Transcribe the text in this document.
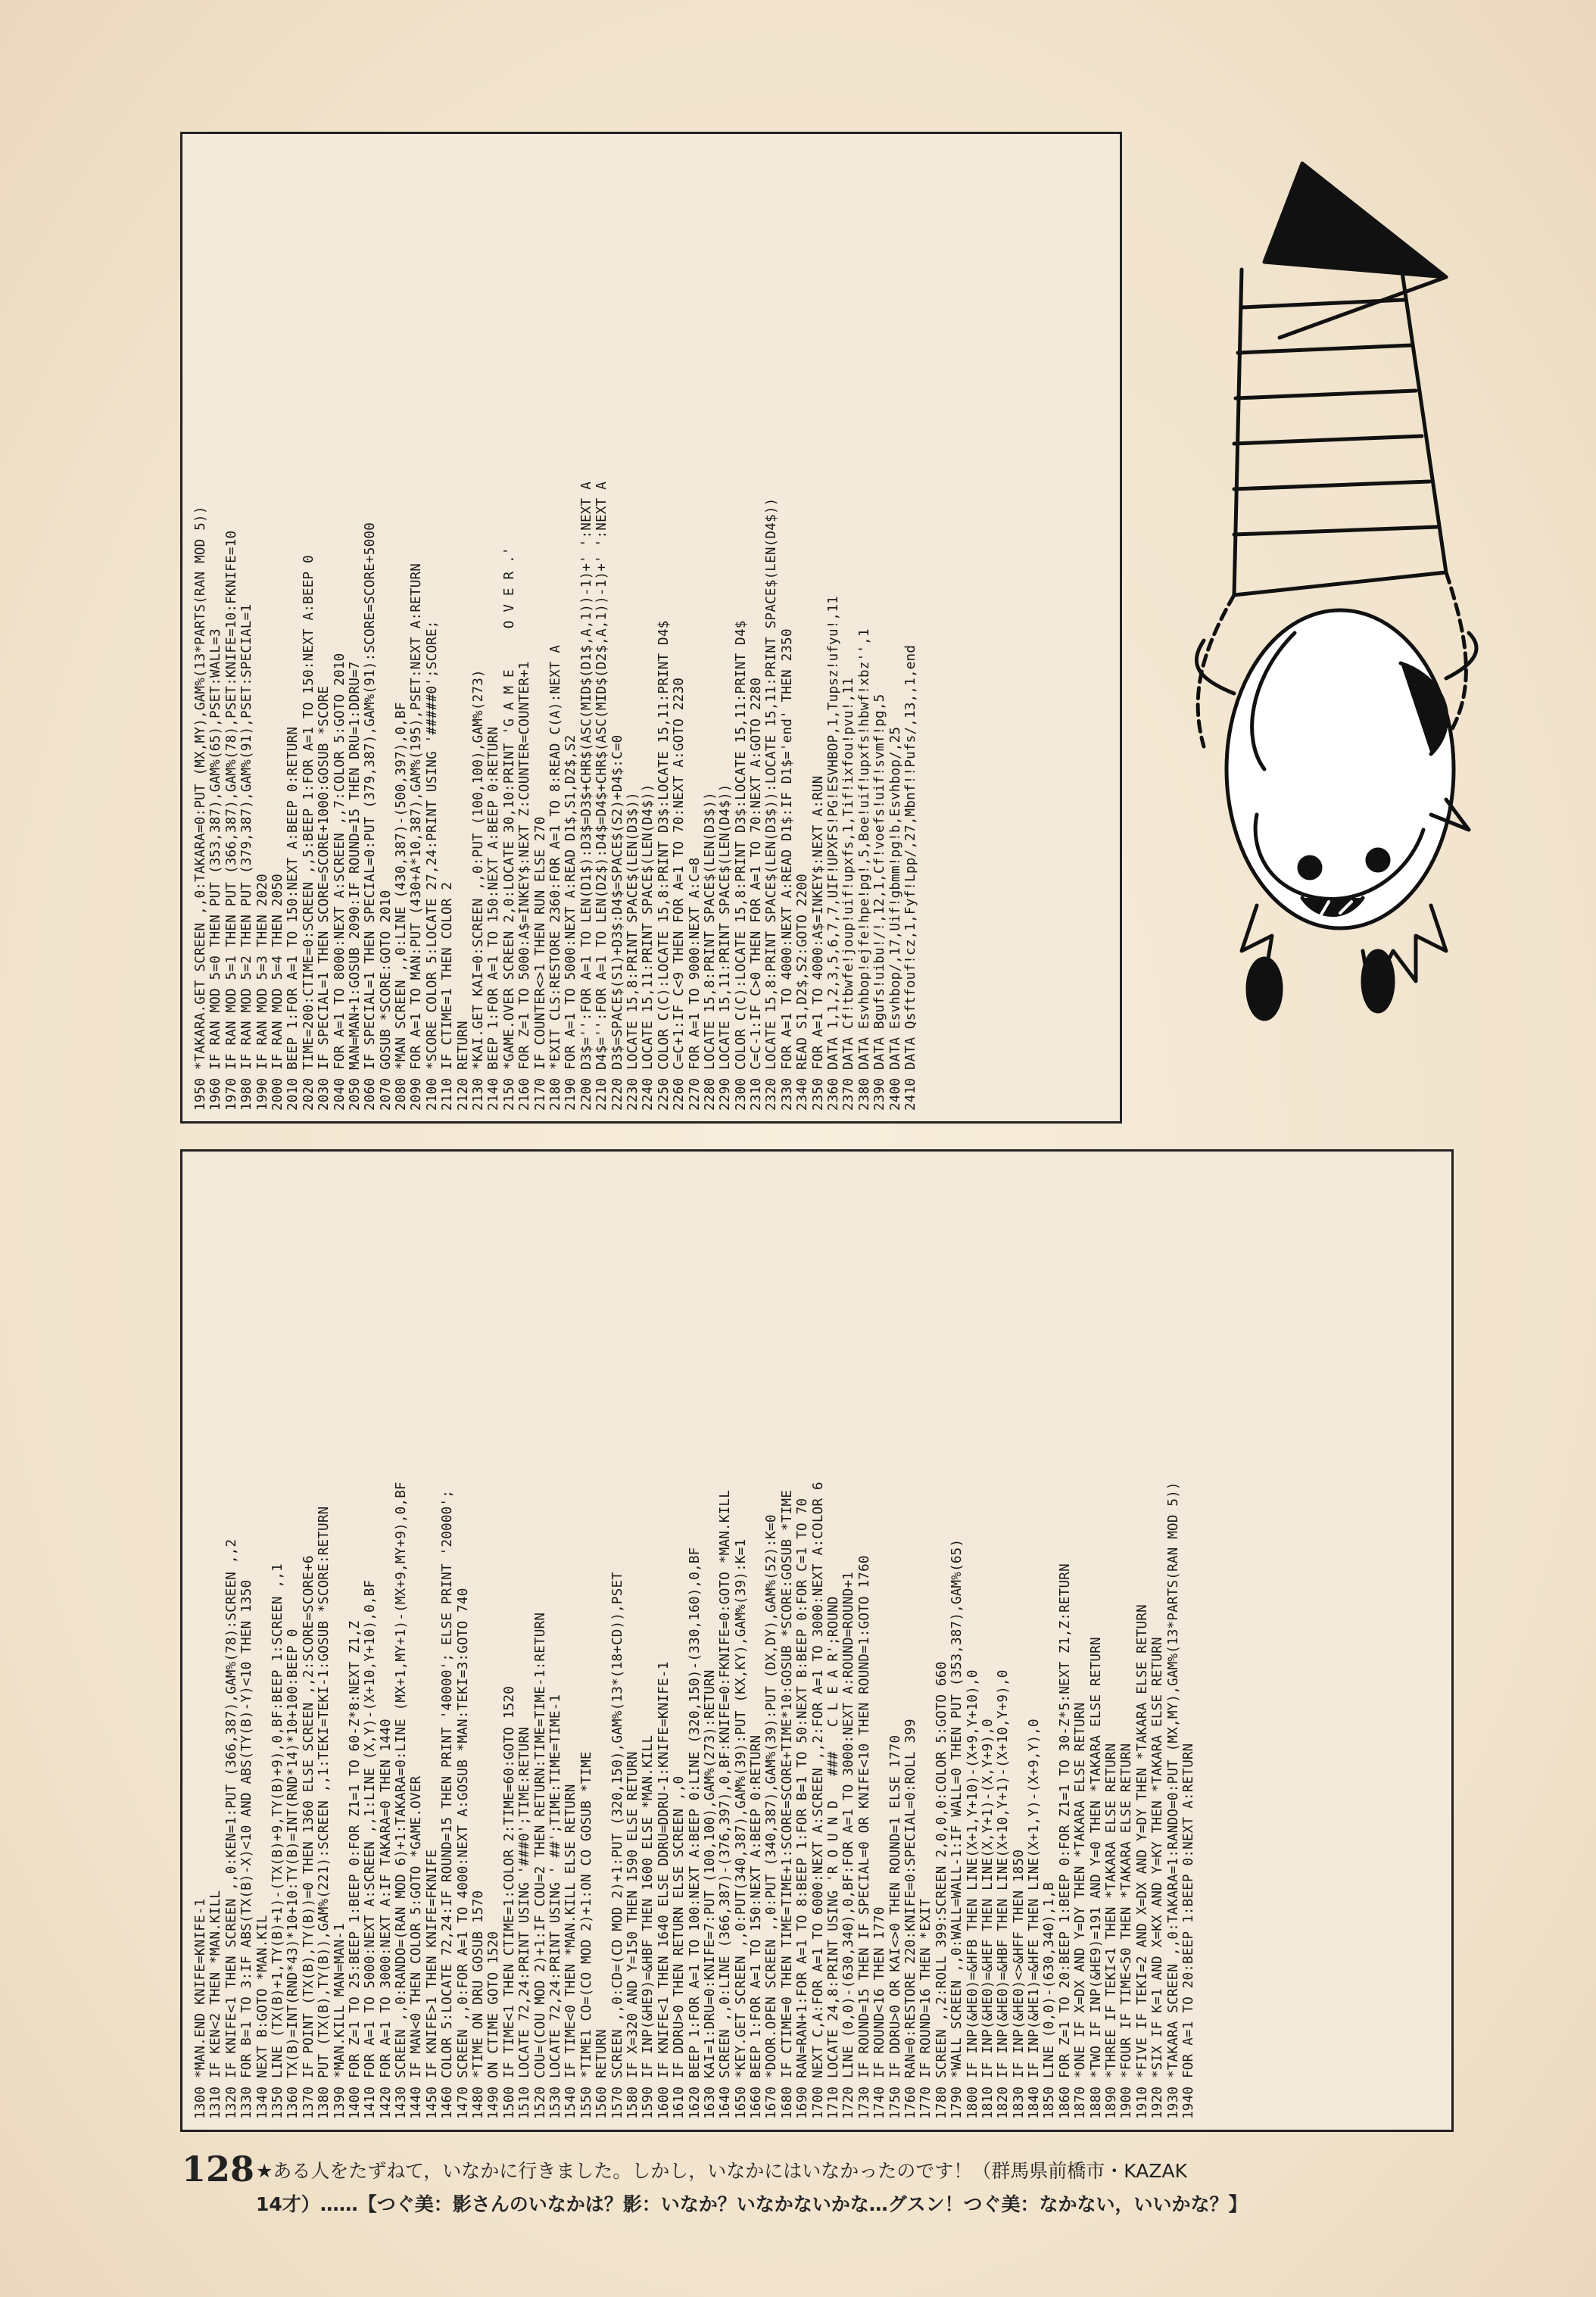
1950 *TAKARA.GET SCREEN ,,0:TAKARA=0:PUT (MX,MY),GAM%(13*PARTS(RAN MOD 5)) 1960 IF RAN MOD 5=0 THEN PUT (353,387),GAM%(65),PSET:WALL=3 1970 IF RAN MOD 5=1 THEN PUT (366,387),GAM%(78),PSET:KNIFE=10:FKNIFE=10 1980 IF RAN MOD 5=2 THEN PUT (379,387),GAM%(91),PSET:SPECIAL=1 1990 IF RAN MOD 5=3 THEN 2020 2000 IF RAN MOD 5=4 THEN 2050 2010 BEEP 1:FOR A=1 TO 150:NEXT A:BEEP 0:RETURN 2020 TIME=200:CTIME=0:SCREEN ,,5:BEEP 1:FOR A=1 TO 150:NEXT A:BEEP 0 2030 IF SPECIAL=1 THEN SCORE=SCORE+1000:GOSUB *SCORE 2040 FOR A=1 TO 8000:NEXT A:SCREEN ,,7:COLOR 5:GOTO 2010 2050 MAN=MAN+1:GOSUB 2090:IF ROUND=15 THEN DRU=1:DDRU=7 2060 IF SPECIAL=1 THEN SPECIAL=0:PUT (379,387),GAM%(91):SCORE=SCORE+5000 2070 GOSUB *SCORE:GOTO 2010 2080 *MAN SCREEN ,,0:LINE (430,387)-(500,397),0,BF 2090 FOR A=1 TO MAN:PUT (430+A*10,387),GAM%(195),PSET:NEXT A:RETURN 2100 *SCORE COLOR 5:LOCATE 27,24:PRINT USING '#####0';SCORE; 2110 IF CTIME=1 THEN COLOR 2 2120 RETURN 2130 *KAI.GET KAI=0:SCREEN ,,0:PUT (100,100),GAM%(273) 2140 BEEP 1:FOR A=1 TO 150:NEXT A:BEEP 0:RETURN 2150 *GAME.OVER SCREEN 2,0:LOCATE 30,10:PRINT 'G A M E     O V E R .' 2160 FOR Z=1 TO 5000:A$=INKEY$:NEXT Z:COUNTER=COUNTER+1 2170 IF COUNTER<>1 THEN RUN ELSE 270 2180 *EXIT CLS:RESTORE 2360:FOR A=1 TO 8:READ C(A):NEXT A 2190 FOR A=1 TO 5000:NEXT A:READ D1$,S1,D2$,S2 2200 D3$='':FOR A=1 TO LEN(D1$):D3$=D3$+CHR$(ASC(MID$(D1$,A,1))-1)+' ':NEXT A 2210 D4$='':FOR A=1 TO LEN(D2$):D4$=D4$+CHR$(ASC(MID$(D2$,A,1))-1)+' ':NEXT A 2220 D3$=SPACE$(S1)+D3$:D4$=SPACE$(S2)+D4$:C=0 2230 LOCATE 15,8:PRINT SPACE$(LEN(D3$)) 2240 LOCATE 15,11:PRINT SPACE$(LEN(D4$)) 2250 COLOR C(C):LOCATE 15,8:PRINT D3$:LOCATE 15,11:PRINT D4$ 2260 C=C+1:IF C<9 THEN FOR A=1 TO 70:NEXT A:GOTO 2230 2270 FOR A=1 TO 9000:NEXT A:C=8 2280 LOCATE 15,8:PRINT SPACE$(LEN(D3$)) 2290 LOCATE 15,11:PRINT SPACE$(LEN(D4$)) 2300 COLOR C(C):LOCATE 15,8:PRINT D3$:LOCATE 15,11:PRINT D4$ 2310 C=C-1:IF C>0 THEN FOR A=1 TO 70:NEXT A:GOTO 2280 2320 LOCATE 15,8:PRINT SPACE$(LEN(D3$)):LOCATE 15,11:PRINT SPACE$(LEN(D4$)) 2330 FOR A=1 TO 4000:NEXT A:READ D1$:IF D1$='end' THEN 2350 2340 READ S1,D2$,S2:GOTO 2200 2350 FOR A=1 TO 4000:A$=INKEY$:NEXT A:RUN 2360 DATA 1,1,2,3,5,6,7,7,UIF!UPXFS!PG!ESVHBOP,1,Tupsz!ufyu!,11 2370 DATA Cf!tbwfe!joup!uif!upxfs,1,Tif!ixfou!pvu!,11 2380 DATA Esvhbop!ejfe!hpe!pg!,5,Boe!uif!upxfs!hbwf!xbz'',1 2390 DATA Bgufs!uibu!/!,12,1,Cf!voefs!uif!svmf!pg,5 2400 DATA Esvhbop/,17,Uif!gbmm!pg!b,Esvhbop/,25 2410 DATA Qsftfouf!cz,1,Fyf!Lpp/,27,Mbnf!!Pufs/,13,,1,end
1300 *MAN.END KNIFE=KNIFE-1 1310 IF KEN<2 THEN *MAN.KILL 1320 IF KNIFE<1 THEN SCREEN ,,0:KEN=1:PUT (366,387),GAM%(78):SCREEN ,,2 1330 FOR B=1 TO 3:IF ABS(TX(B)-X)<10 AND ABS(TY(B)-Y)<10 THEN 1350 1340 NEXT B:GOTO *MAN.KIL 1350 LINE (TX(B)+1,TY(B)+1)-(TX(B)+9,TY(B)+9),0,BF:BEEP 1:SCREEN ,,1 1360 TX(B)=INT(RND*43)*10+10:TY(B)=INT(RND*14)*10+100:BEEP 0 1370 IF POINT (TX(B),TY(B))=0 THEN 1360 ELSE SCREEN ,,2:SCORE=SCORE+6 1380 PUT (TX(B),TY(B)),GAM%(221):SCREEN ,,1:TEKI=TEKI-1:GOSUB *SCORE:RETURN 1390 *MAN.KILL MAN=MAN-1 1400 FOR Z=1 TO 25:BEEP 1:BEEP 0:FOR Z1=1 TO 60-Z*8:NEXT Z1,Z 1410 FOR A=1 TO 5000:NEXT A:SCREEN ,,1:LINE (X,Y)-(X+10,Y+10),0,BF 1420 FOR A=1 TO 3000:NEXT A:IF TAKARA=0 THEN 1440 1430 SCREEN ,,0:RANDO=(RAN MOD 6)+1:TAKARA=0:LINE (MX+1,MY+1)-(MX+9,MY+9),0,BF 1440 IF MAN<0 THEN COLOR 5:GOTO *GAME.OVER 1450 IF KNIFE>1 THEN KNIFE=FKNIFE 1460 COLOR 5:LOCATE 72,24:IF ROUND=15 THEN PRINT '40000'; ELSE PRINT '20000'; 1470 SCREEN ,,0:FOR A=1 TO 4000:NEXT A:GOSUB *MAN:TEKI=3:GOTO 740 1480 *TIME ON DRU GOSUB 1570 1490 ON CTIME GOTO 1520 1500 IF TIME<1 THEN CTIME=1:COLOR 2:TIME=60:GOTO 1520 1510 LOCATE 72,24:PRINT USING '###0';TIME:RETURN 1520 COU=(COU MOD 2)+1:IF COU=2 THEN RETURN:TIME=TIME-1:RETURN 1530 LOCATE 72,24:PRINT USING ' ##';TIME:TIME=TIME-1 1540 IF TIME<0 THEN *MAN.KILL ELSE RETURN 1550 *TIME1 CO=(CO MOD 2)+1:ON CO GOSUB *TIME 1560 RETURN 1570 SCREEN ,,0:CD=(CD MOD 2)+1:PUT (320,150),GAM%(13*(18+CD)),PSET 1580 IF X=320 AND Y=150 THEN 1590 ELSE RETURN 1590 IF INP(&HE9)=&HBF THEN 1600 ELSE *MAN.KILL 1600 IF KNIFE<1 THEN 1640 ELSE DDRU=DDRU-1:KNIFE=KNIFE-1 1610 IF DDRU>0 THEN RETURN ELSE SCREEN ,,0 1620 BEEP 1:FOR A=1 TO 100:NEXT A:BEEP 0:LINE (320,150)-(330,160),0,BF 1630 KAI=1:DRU=0:KNIFE=7:PUT (100,100),GAM%(273):RETURN 1640 SCREEN ,,0:LINE (366,387)-(376,397),0,BF:KNIFE=0:FKNIFE=0:GOTO *MAN.KILL 1650 *KEY.GET SCREEN ,,0:PUT(340,387),GAM%(39):PUT (KX,KY),GAM%(39):K=1 1660 BEEP 1:FOR A=1 TO 150:NEXT A:BEEP 0:RETURN 1670 *DOOR.OPEN SCREEN ,,0:PUT (340,387),GAM%(39):PUT (DX,DY),GAM%(52):K=0 1680 IF CTIME=0 THEN TIME=TIME+1:SCORE=SCORE+TIME*10:GOSUB *SCORE:GOSUB *TIME 1690 RAN=RAN+1:FOR A=1 TO 8:BEEP 1:FOR B=1 TO 50:NEXT B:BEEP 0:FOR C=1 TO 70 1700 NEXT C,A:FOR A=1 TO 6000:NEXT A:SCREEN ,,2:FOR A=1 TO 3000:NEXT A:COLOR 6 1710 LOCATE 24,8:PRINT USING 'R O U N D   ###   C L E A R';ROUND 1720 LINE (0,0)-(630,340),0,BF:FOR A=1 TO 3000:NEXT A:ROUND=ROUND+1 1730 IF ROUND=15 THEN IF SPECIAL=0 OR KNIFE<10 THEN ROUND=1:GOTO 1760 1740 IF ROUND<16 THEN 1770 1750 IF DDRU>0 OR KAI<>0 THEN ROUND=1 ELSE 1770 1760 RAN=0:RESTORE 220:KNIFE=0:SPECIAL=0:ROLL 399 1770 IF ROUND=16 THEN *EXIT 1780 SCREEN ,,2:ROLL 399:SCREEN 2,0,0,0:COLOR 5:GOTO 660 1790 *WALL SCREEN ,,0:WALL=WALL-1:IF WALL=0 THEN PUT (353,387),GAM%(65) 1800 IF INP(&HE0)=&HFB THEN LINE(X+1,Y+10)-(X+9,Y+10),0 1810 IF INP(&HE0)=&HEF THEN LINE(X,Y+1)-(X,Y+9),0 1820 IF INP(&HE0)=&HBF THEN LINE(X+10,Y+1)-(X+10,Y+9),0 1830 IF INP(&HE0)<>&HFF THEN 1850 1840 IF INP(&HE1)=&HFE THEN LINE(X+1,Y)-(X+9,Y),0 1850 LINE (0,0)-(630,340),1,B 1860 FOR Z=1 TO 20:BEEP 1:BEEP 0:FOR Z1=1 TO 30-Z*5:NEXT Z1,Z:RETURN 1870 *ONE IF X=DX AND Y=DY THEN *TAKARA ELSE RETURN 1880 *TWO IF INP(&HE9)=191 AND Y=0 THEN *TAKARA ELSE RETURN 1890 *THREE IF TEKI<1 THEN *TAKARA ELSE RETURN 1900 *FOUR IF TIME<50 THEN *TAKARA ELSE RETURN 1910 *FIVE IF TEKI=2 AND X=DX AND Y=DY THEN *TAKARA ELSE RETURN 1920 *SIX IF K=1 AND X=KX AND Y=KY THEN *TAKARA ELSE RETURN 1930 *TAKARA SCREEN ,,0:TAKARA=1:RANDO=0:PUT (MX,MY),GAM%(13*PARTS(RAN MOD 5)) 1940 FOR A=1 TO 20:BEEP 1:BEEP 0:NEXT A:RETURN
128 ★ある人をたずねて，いなかに行きました。しかし，いなかにはいなかったのです！（群馬県前橋市・KAZAK
14才）……【つぐ美：影さんのいなかは？影：いなか？いなかないかな…グスン！つぐ美：なかない，いいかな？】
